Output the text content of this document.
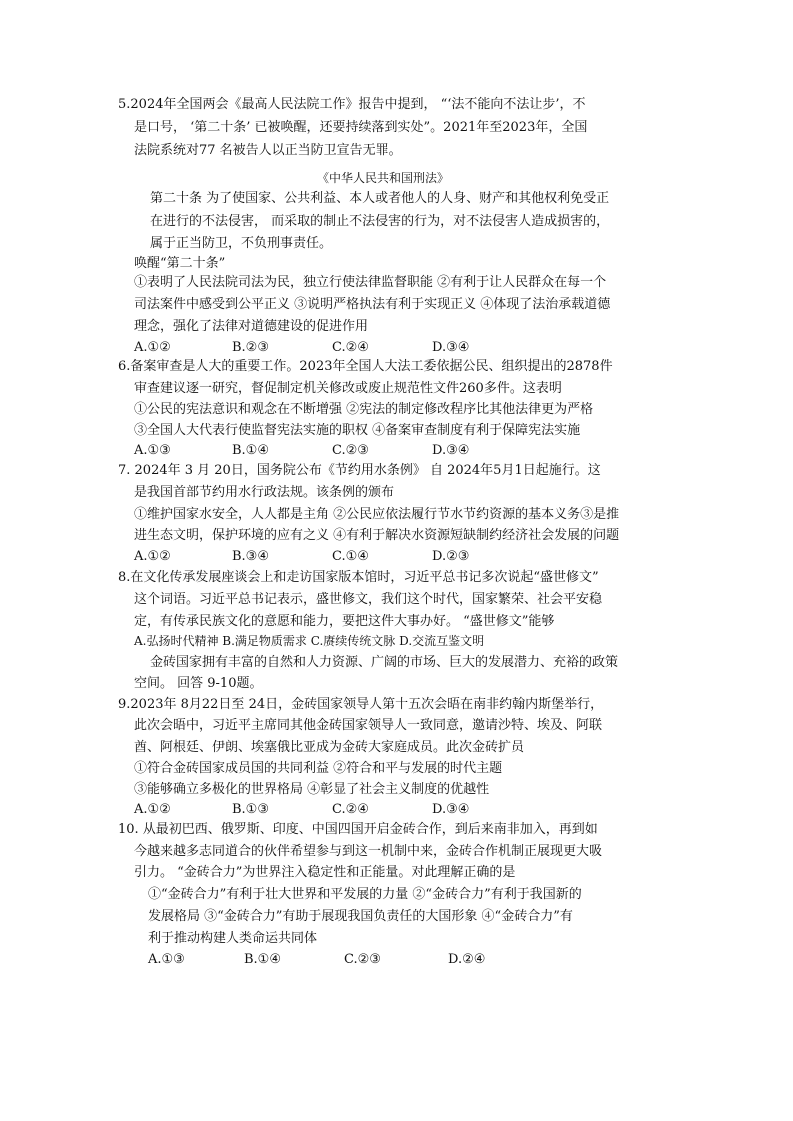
5.2024年全国两会《最高人民法院工作》报告中提到， “‘法不能向不法让步’，不
是口号， ‘第二十条’ 已被唤醒，还要持续落到实处”。2021年至2023年，全国
法院系统对77 名被告人以正当防卫宣告无罪。
《中华人民共和国刑法》
第二十条 为了使国家、公共利益、本人或者他人的人身、财产和其他权利免受正
在进行的不法侵害， 而采取的制止不法侵害的行为，对不法侵害人造成损害的，
属于正当防卫，不负刑事责任。
唤醒“第二十条”
①表明了人民法院司法为民，独立行使法律监督职能 ②有利于让人民群众在每一个
司法案件中感受到公平正义 ③说明严格执法有利于实现正义 ④体现了法治承载道德
理念，强化了法律对道德建设的促进作用
A.①②	B.②③	C.②④	D.③④
6.备案审查是人大的重要工作。2023年全国人大法工委依据公民、组织提出的2878件
审查建议逐一研究，督促制定机关修改或废止规范性文件260多件。这表明
①公民的宪法意识和观念在不断增强 ②宪法的制定修改程序比其他法律更为严格
③全国人大代表行使监督宪法实施的职权 ④备案审查制度有利于保障宪法实施
A.①③	B.①④	C.②③	D.③④
7. 2024年 3 月 20日，国务院公布《节约用水条例》 自 2024年5月1日起施行。这
是我国首部节约用水行政法规。该条例的颁布
①维护国家水安全，人人都是主角 ②公民应依法履行节水节约资源的基本义务③是推
进生态文明，保护环境的应有之义 ④有利于解决水资源短缺制约经济社会发展的问题
A.①②	B.③④	C.①④	D.②③
8.在文化传承发展座谈会上和走访国家版本馆时，习近平总书记多次说起“盛世修文”
这个词语。习近平总书记表示，盛世修文，我们这个时代，国家繁荣、社会平安稳
定，有传承民族文化的意愿和能力，要把这件大事办好。 “盛世修文”能够
A.弘扬时代精神 B.满足物质需求 C.赓续传统文脉 D.交流互鉴文明
金砖国家拥有丰富的自然和人力资源、广阔的市场、巨大的发展潜力、充裕的政策
空间。 回答 9-10题。
9.2023年 8月22日至 24日，金砖国家领导人第十五次会晤在南非约翰内斯堡举行，
此次会晤中，习近平主席同其他金砖国家领导人一致同意，邀请沙特、埃及、阿联
酋、阿根廷、伊朗、埃塞俄比亚成为金砖大家庭成员。此次金砖扩员
①符合金砖国家成员国的共同利益 ②符合和平与发展的时代主题
③能够确立多极化的世界格局 ④彰显了社会主义制度的优越性
A.①②	B.①③	C.②④	D.③④
10. 从最初巴西、俄罗斯、印度、中国四国开启金砖合作，到后来南非加入，再到如
今越来越多志同道合的伙伴希望参与到这一机制中来，金砖合作机制正展现更大吸
引力。 “金砖合力”为世界注入稳定性和正能量。对此理解正确的是
①“金砖合力”有利于壮大世界和平发展的力量 ②“金砖合力”有利于我国新的
发展格局 ③“金砖合力”有助于展现我国负责任的大国形象 ④“金砖合力”有
利于推动构建人类命运共同体
A.①③	B.①④	C.②③	D.②④
